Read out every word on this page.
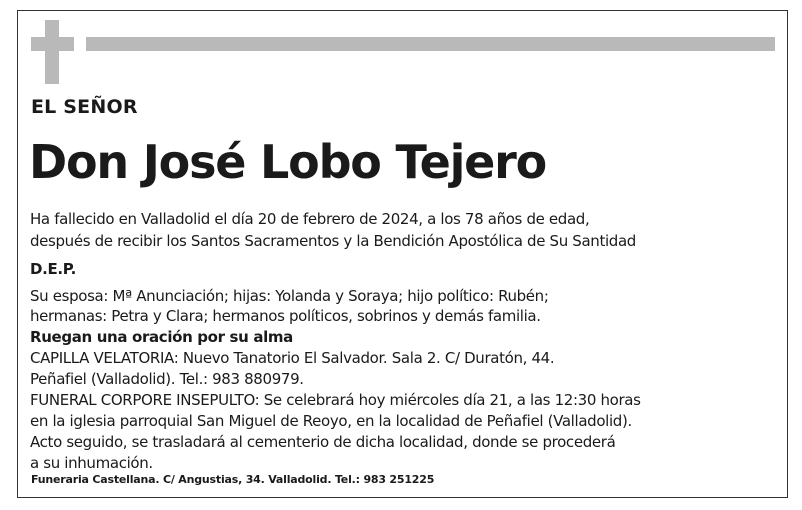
EL SEÑOR
Don José Lobo Tejero
Ha fallecido en Valladolid el día 20 de febrero de 2024, a los 78 años de edad,
después de recibir los Santos Sacramentos y la Bendición Apostólica de Su Santidad
D.E.P.
Su esposa: Mª Anunciación; hijas: Yolanda y Soraya; hijo político: Rubén;
hermanas: Petra y Clara; hermanos políticos, sobrinos y demás familia.
Ruegan una oración por su alma
CAPILLA VELATORIA: Nuevo Tanatorio El Salvador. Sala 2. C/ Duratón, 44.
Peñafiel (Valladolid). Tel.: 983 880979.
FUNERAL CORPORE INSEPULTO: Se celebrará hoy miércoles día 21, a las 12:30 horas
en la iglesia parroquial San Miguel de Reoyo, en la localidad de Peñafiel (Valladolid).
Acto seguido, se trasladará al cementerio de dicha localidad, donde se procederá
a su inhumación.
Funeraria Castellana. C/ Angustias, 34. Valladolid. Tel.: 983 251225
